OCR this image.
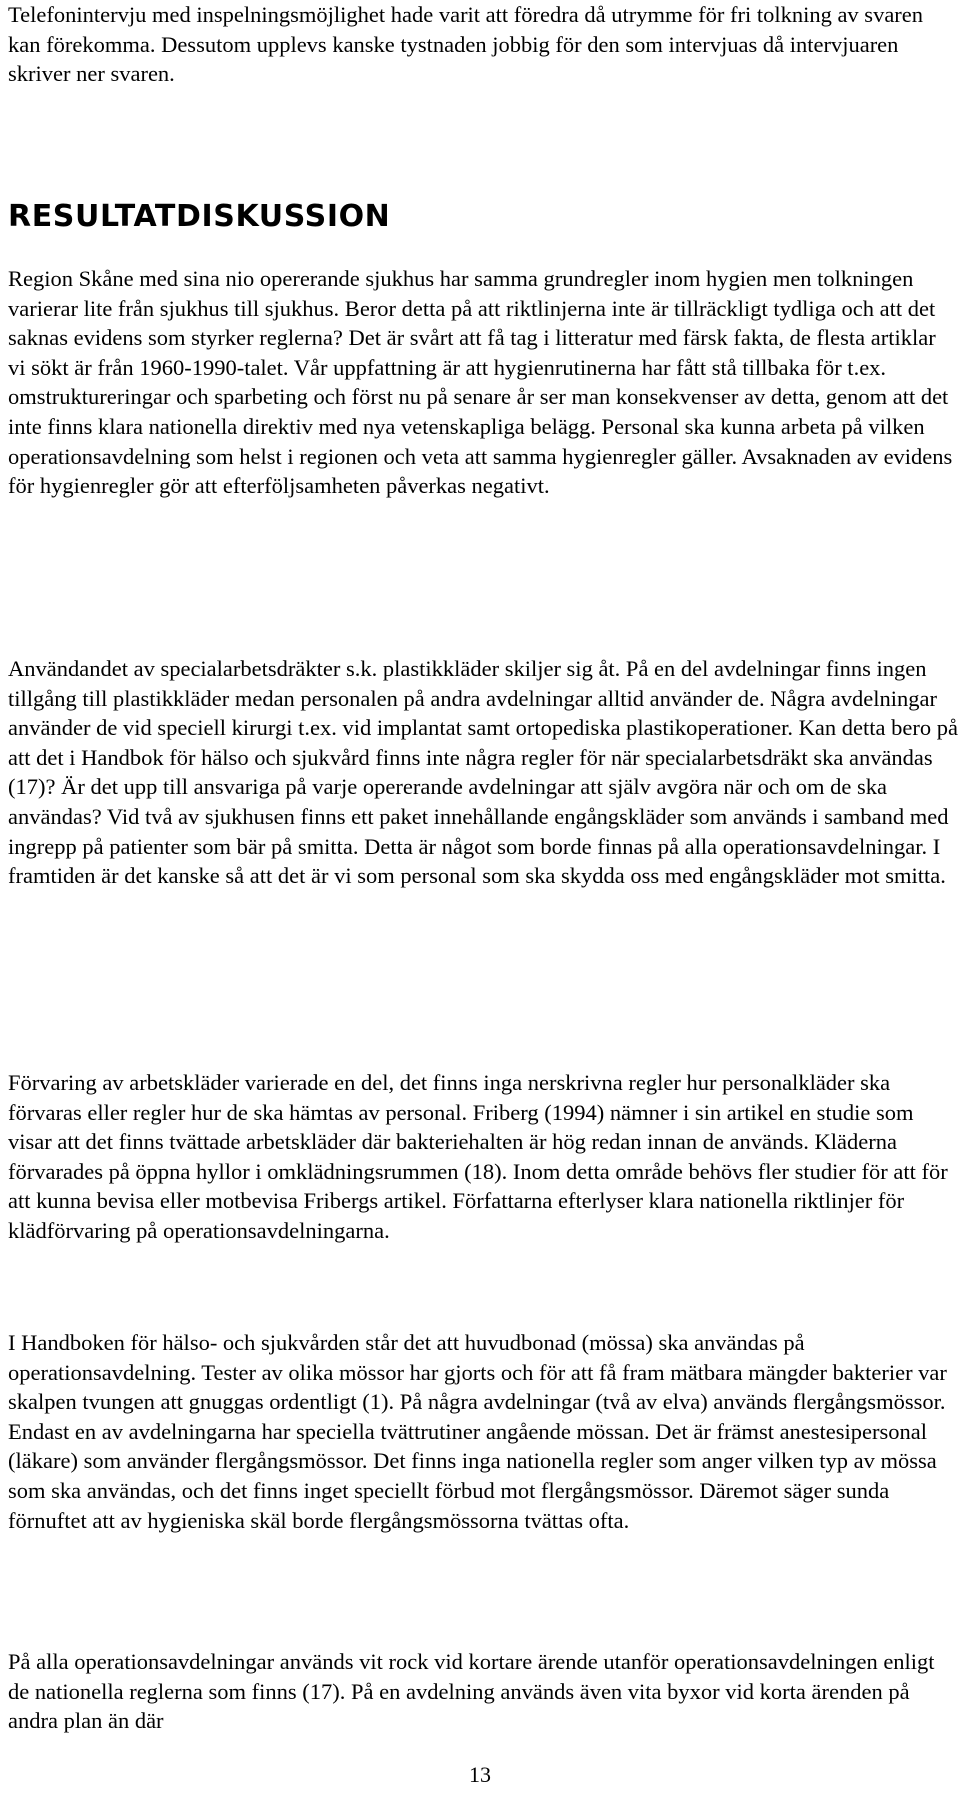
Telefonintervju med inspelningsmöjlighet hade varit att föredra då utrymme för fri tolkning av svaren kan förekomma. Dessutom upplevs kanske tystnaden jobbig för den som intervjuas då intervjuaren skriver ner svaren.

RESULTATDISKUSSION

Region Skåne med sina nio opererande sjukhus har samma grundregler inom hygien men tolkningen varierar lite från sjukhus till sjukhus. Beror detta på att riktlinjerna inte är tillräckligt tydliga och att det saknas evidens som styrker reglerna? Det är svårt att få tag i litteratur med färsk fakta, de flesta artiklar vi sökt är från 1960-1990-talet. Vår uppfattning är att hygienrutinerna har fått stå tillbaka för t.ex. omstruktureringar och sparbeting och först nu på senare år ser man konsekvenser av detta, genom att det inte finns klara nationella direktiv med nya vetenskapliga belägg. Personal ska kunna arbeta på vilken operationsavdelning som helst i regionen och veta att samma hygienregler gäller. Avsaknaden av evidens för hygienregler gör att efterföljsamheten påverkas negativt.

Användandet av specialarbetsdräkter s.k. plastikkläder skiljer sig åt. På en del avdelningar finns ingen tillgång till plastikkläder medan personalen på andra avdelningar alltid använder de. Några avdelningar använder de vid speciell kirurgi t.ex. vid implantat samt ortopediska plastikoperationer. Kan detta bero på att det i Handbok för hälso och sjukvård finns inte några regler för när specialarbetsdräkt ska användas (17)? Är det upp till ansvariga på varje opererande avdelningar att själv avgöra när och om de ska användas? Vid två av sjukhusen finns ett paket innehållande engångskläder som används i samband med ingrepp på patienter som bär på smitta. Detta är något som borde finnas på alla operationsavdelningar. I framtiden är det kanske så att det är vi som personal som ska skydda oss med engångskläder mot smitta.

Förvaring av arbetskläder varierade en del, det finns inga nerskrivna regler hur personalkläder ska förvaras eller regler hur de ska hämtas av personal. Friberg (1994) nämner i sin artikel en studie som visar att det finns tvättade arbetskläder där bakteriehalten är hög redan innan de används. Kläderna förvarades på öppna hyllor i omklädningsrummen (18). Inom detta område behövs fler studier för att för att kunna bevisa eller motbevisa Fribergs artikel. Författarna efterlyser klara nationella riktlinjer för klädförvaring på operationsavdelningarna.

I Handboken för hälso- och sjukvården står det att huvudbonad (mössa) ska användas på operationsavdelning. Tester av olika mössor har gjorts och för att få fram mätbara mängder bakterier var skalpen tvungen att gnuggas ordentligt (1). På några avdelningar (två av elva) används flergångsmössor. Endast en av avdelningarna har speciella tvättrutiner angående mössan. Det är främst anestesipersonal (läkare) som använder flergångsmössor. Det finns inga nationella regler som anger vilken typ av mössa som ska användas, och det finns inget speciellt förbud mot flergångsmössor. Däremot säger sunda förnuftet att av hygieniska skäl borde flergångsmössorna tvättas ofta.

På alla operationsavdelningar används vit rock vid kortare ärende utanför operationsavdelningen enligt de nationella reglerna som finns (17). På en avdelning används även vita byxor vid korta ärenden på andra plan än där

13
